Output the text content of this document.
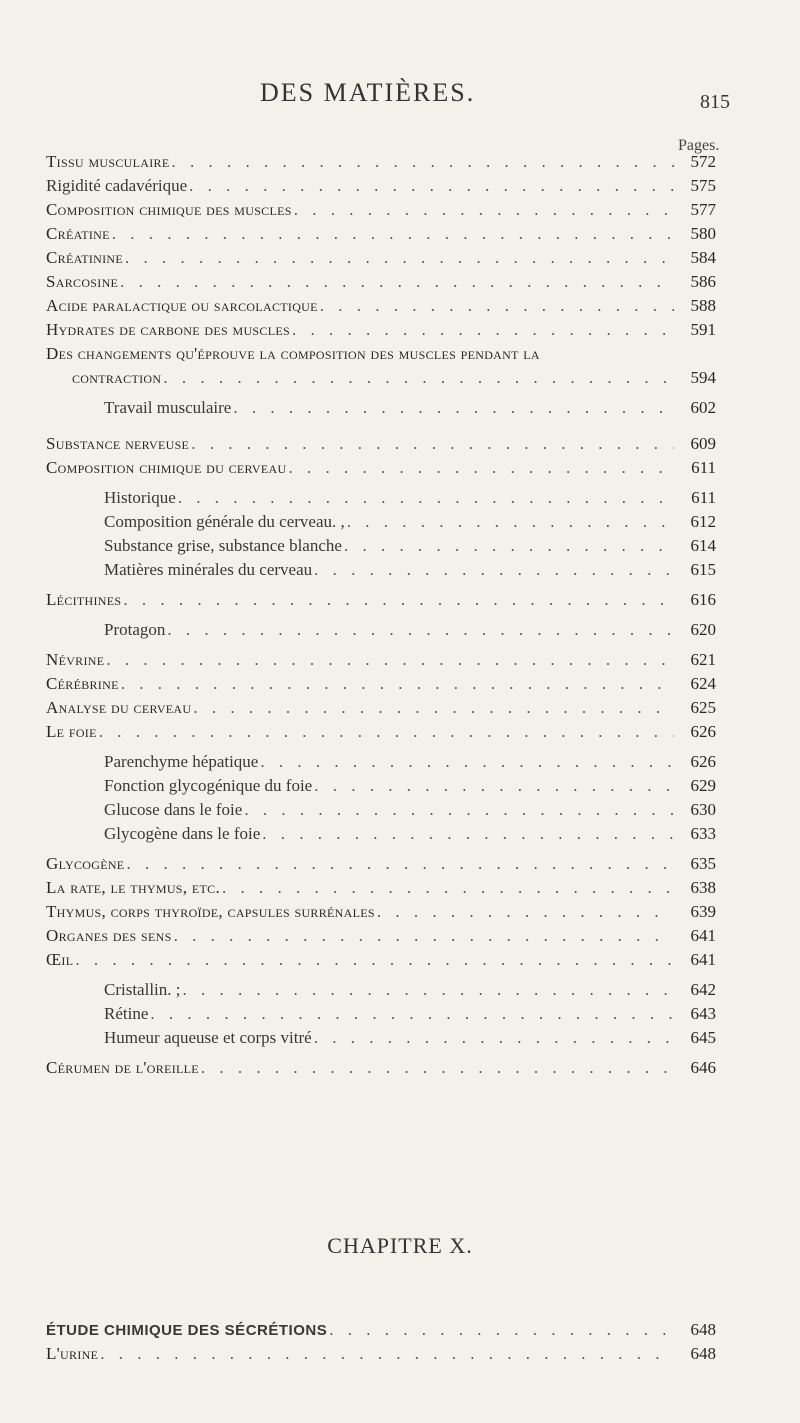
DES MATIÈRES.	815
Pages.
Tissu musculaire . . .	572
Rigidité cadavérique . . .	575
Composition chimique des muscles . . .	577
Créatine . . .	580
Créatinine . . .	584
Sarcosine . . .	586
Acide paralactique ou sarcolactique . . .	588
Hydrates de carbone des muscles . . .	591
Des changements qu'éprouve la composition des muscles pendant la
contraction . . .	594
Travail musculaire . . .	602
Substance nerveuse . . .	609
Composition chimique du cerveau . . .	611
Historique . . .	611
Composition générale du cerveau. , . . .	612
Substance grise, substance blanche . . .	614
Matières minérales du cerveau . . .	615
Lécithines . . .	616
Protagon . . .	620
Névrine . . .	621
Cérébrine . . .	624
Analyse du cerveau . . .	625
Le foie . . .	626
Parenchyme hépatique . . .	626
Fonction glycogénique du foie . . .	629
Glucose dans le foie . . .	630
Glycogène dans le foie . . .	633
Glycogène . . .	635
La rate, le thymus, etc. . . .	638
Thymus, corps thyroïde, capsules surrénales . . .	639
Organes des sens . . .	641
Œil . . .	641
Cristallin. ; . . .	642
Rétine . . .	643
Humeur aqueuse et corps vitré . . .	645
Cérumen de l'oreille . . .	646
CHAPITRE X.
ÉTUDE CHIMIQUE DES SÉCRÉTIONS . . .	648
L'urine . . .	648
